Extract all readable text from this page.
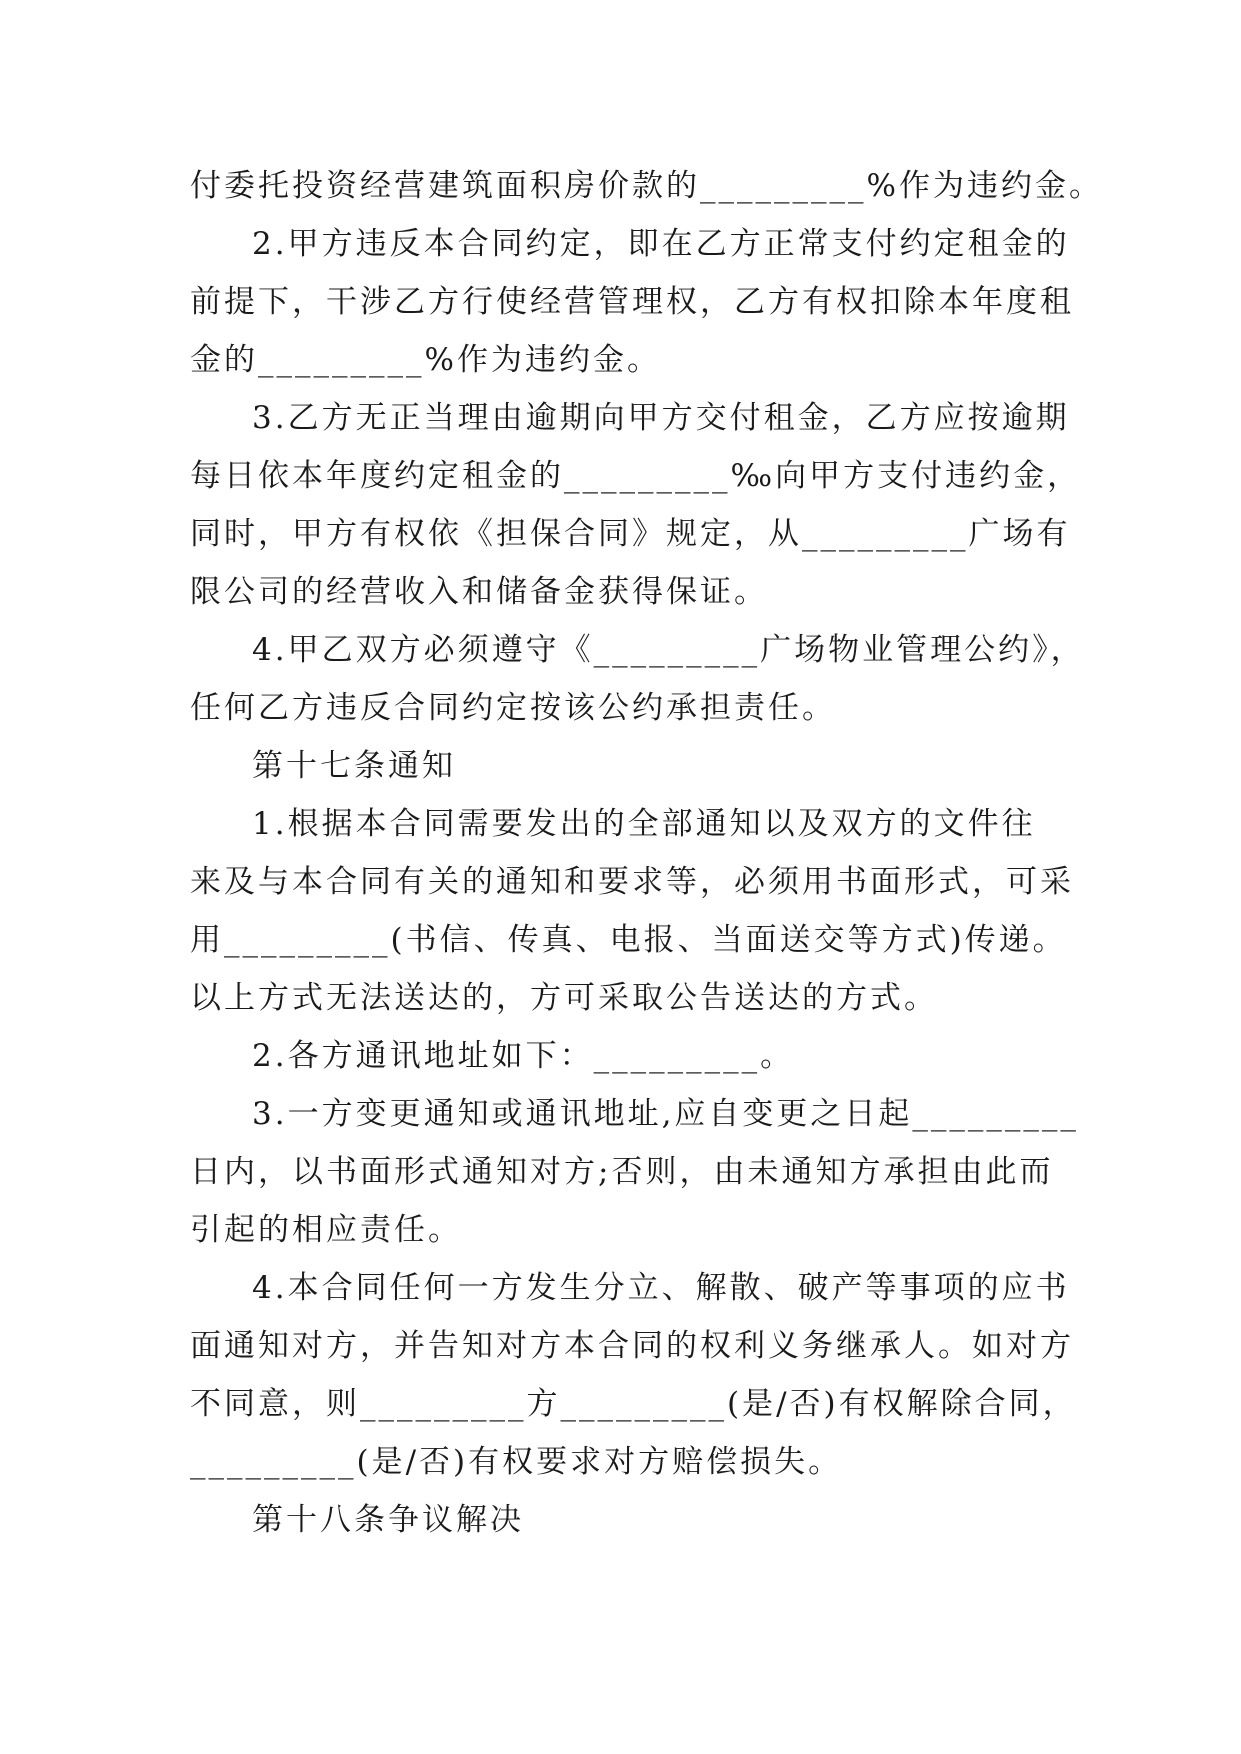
付委托投资经营建筑面积房价款的_________%作为违约金。
2.甲方违反本合同约定，即在乙方正常支付约定租金的
前提下，干涉乙方行使经营管理权，乙方有权扣除本年度租
金的_________%作为违约金。
3.乙方无正当理由逾期向甲方交付租金，乙方应按逾期
每日依本年度约定租金的_________‰向甲方支付违约金，
同时，甲方有权依《担保合同》规定，从_________广场有
限公司的经营收入和储备金获得保证。
4.甲乙双方必须遵守《_________广场物业管理公约》，
任何乙方违反合同约定按该公约承担责任。
第十七条通知
1.根据本合同需要发出的全部通知以及双方的文件往
来及与本合同有关的通知和要求等，必须用书面形式，可采
用_________(书信、传真、电报、当面送交等方式)传递。
以上方式无法送达的，方可采取公告送达的方式。
2.各方通讯地址如下：_________。
3.一方变更通知或通讯地址,应自变更之日起_________
日内，以书面形式通知对方;否则，由未通知方承担由此而
引起的相应责任。
4.本合同任何一方发生分立、解散、破产等事项的应书
面通知对方，并告知对方本合同的权利义务继承人。如对方
不同意，则_________方_________(是/否)有权解除合同，
_________(是/否)有权要求对方赔偿损失。
第十八条争议解决
